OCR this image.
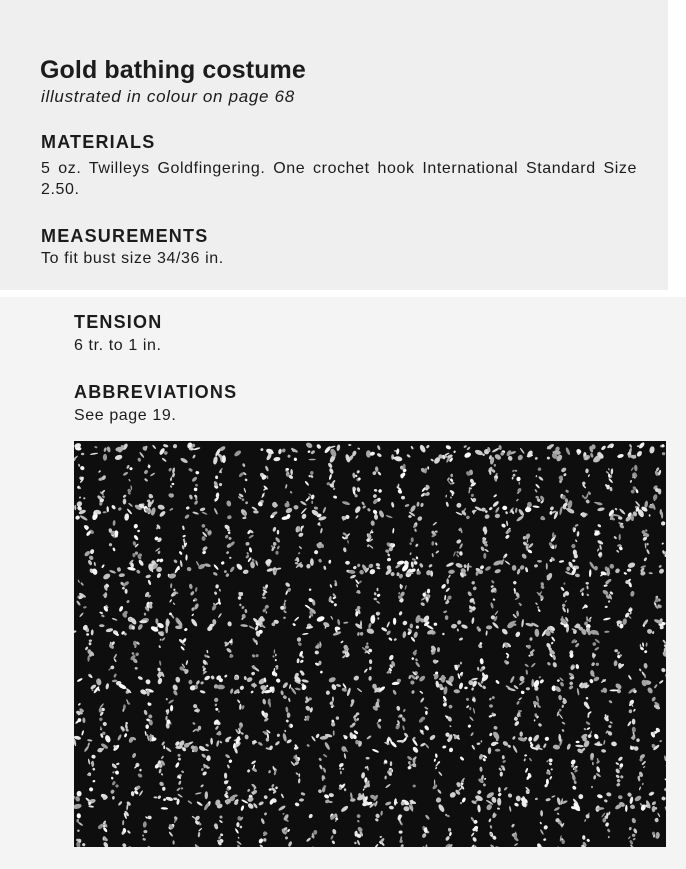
Gold bathing costume

illustrated in colour on page 68

MATERIALS

5 oz. Twilleys Goldfingering. One crochet hook International Standard Size 2.50.

MEASUREMENTS

To fit bust size 34/36 in.

TENSION

6 tr. to 1 in.

ABBREVIATIONS

See page 19.
